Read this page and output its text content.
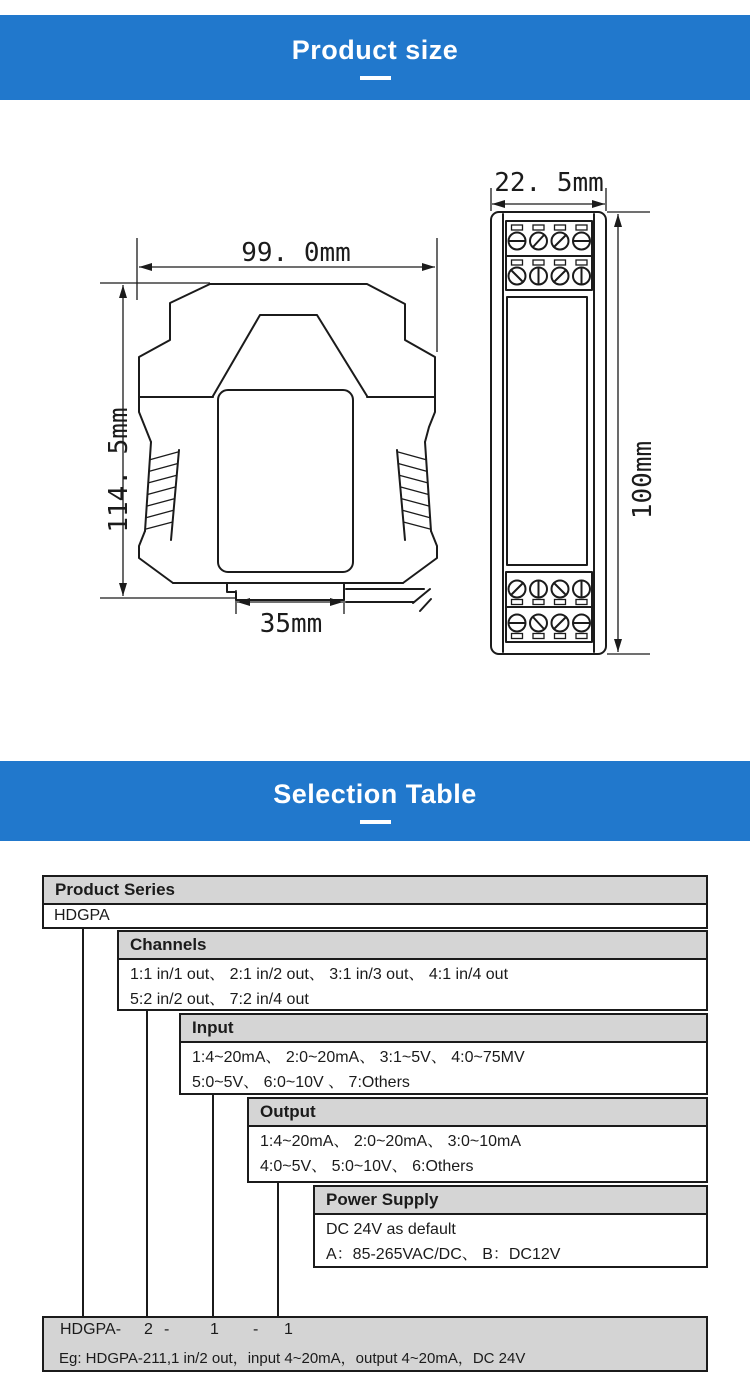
Product size
99. 0mm
114. 5mm
35mm
22. 5mm
100mm
Selection Table
Product Series
HDGPA
Channels
1:1 in/1 out、 2:1 in/2 out、 3:1 in/3 out、 4:1 in/4 out
5:2 in/2 out、 7:2 in/4 out
Input
1:4~20mA、 2:0~20mA、 3:1~5V、 4:0~75MV
5:0~5V、 6:0~10V 、 7:Others
Output
1:4~20mA、 2:0~20mA、 3:0~10mA
4:0~5V、 5:0~10V、 6:Others
Power Supply
DC 24V as default
A：85-265VAC/DC、 B：DC12V
HDGPA- 2 -	1 - 1
Eg: HDGPA-211,1 in/2 out，input 4~20mA，output 4~20mA，DC 24V
